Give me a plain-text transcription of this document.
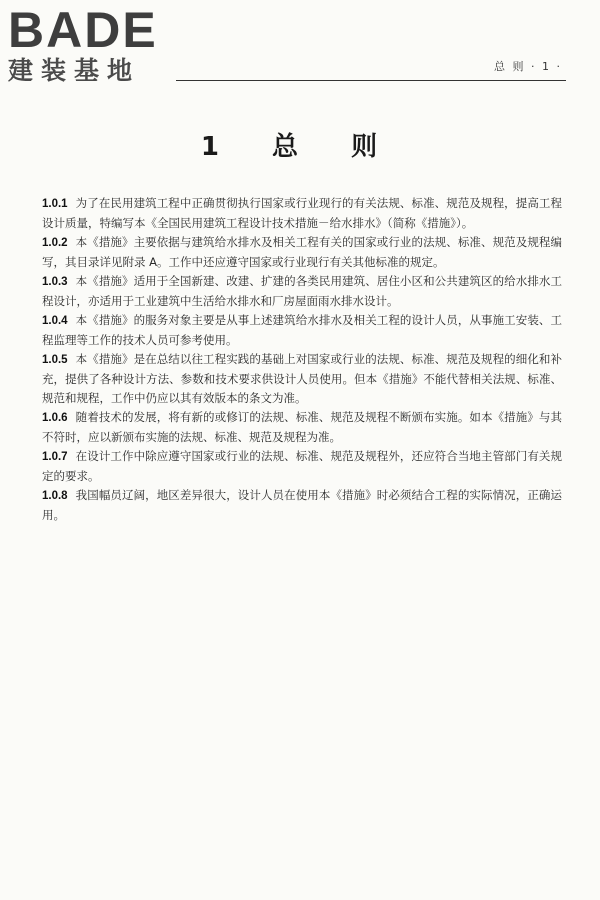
BADE
建装基地	总 则 · 1 ·
1 总 则

1.0.1 为了在民用建筑工程中正确贯彻执行国家或行业现行的有关法规、标准、规范及规程，提高工程设计质量，特编写本《全国民用建筑工程设计技术措施－给水排水》（简称《措施》）。

1.0.2 本《措施》主要依据与建筑给水排水及相关工程有关的国家或行业的法规、标准、规范及规程编写，其目录详见附录 A。工作中还应遵守国家或行业现行有关其他标准的规定。

1.0.3 本《措施》适用于全国新建、改建、扩建的各类民用建筑、居住小区和公共建筑区的给水排水工程设计，亦适用于工业建筑中生活给水排水和厂房屋面雨水排水设计。

1.0.4 本《措施》的服务对象主要是从事上述建筑给水排水及相关工程的设计人员，从事施工安装、工程监理等工作的技术人员可参考使用。

1.0.5 本《措施》是在总结以往工程实践的基础上对国家或行业的法规、标准、规范及规程的细化和补充，提供了各种设计方法、参数和技术要求供设计人员使用。但本《措施》不能代替相关法规、标准、规范和规程，工作中仍应以其有效版本的条文为准。

1.0.6 随着技术的发展，将有新的或修订的法规、标准、规范及规程不断颁布实施。如本《措施》与其不符时，应以新颁布实施的法规、标准、规范及规程为准。

1.0.7 在设计工作中除应遵守国家或行业的法规、标准、规范及规程外，还应符合当地主管部门有关规定的要求。

1.0.8 我国幅员辽阔，地区差异很大，设计人员在使用本《措施》时必须结合工程的实际情况，正确运用。
